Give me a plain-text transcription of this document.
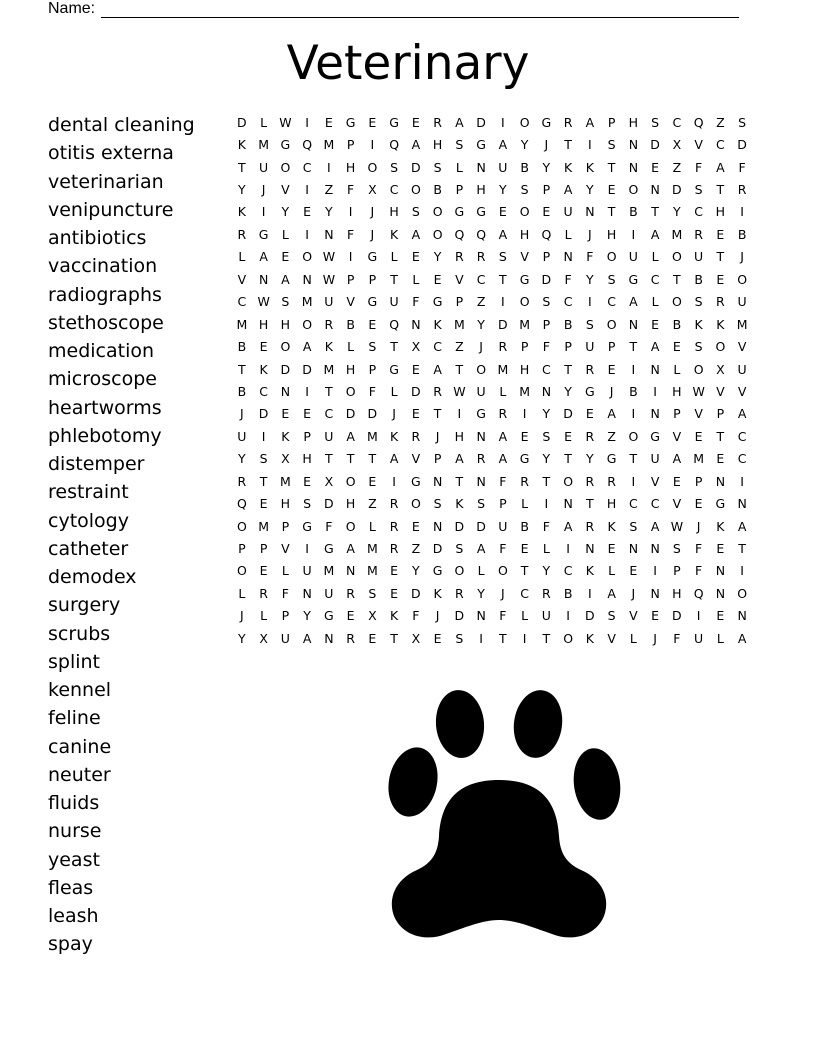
Name:
Veterinary
dental cleaning
otitis externa
veterinarian
venipuncture
antibiotics
vaccination
radiographs
stethoscope
medication
microscope
heartworms
phlebotomy
distemper
restraint
cytology
catheter
demodex
surgery
scrubs
splint
kennel
feline
canine
neuter
fluids
nurse
yeast
fleas
leash
spay
D	L W	I	E	G	E	G	E	R	A	D	I	O G	R	A	P	H	S	C Q	Z	S
K M G Q M	P	I	Q	A	H	S	G	A	Y	J	T	I	S	N D	X	V	C	D
T	U O C	I	H O	S	D	S	L	N	U	B	Y	K	K	T	N	E	Z	F	A	F
Y	J	V	I	Z	F	X	C O	B	P	H	Y	S	P	A	Y	E	O N D	S	T	R
K	I	Y	E	Y	I	J	H	S	O G G	E	O	E	U N	T	B	T	Y	C	H	I
R	G	L	I	N	F	J	K	A	O Q Q	A	H Q	L	J	H	I	A M R	E	B
L	A	E	O W	I	G	L	E	Y	R	R	S	V	P	N	F	O U	L	O U	T	J
V	N	A	N W P	P	T	L	E	V	C	T	G D	F	Y	S	G	C	T	B	E	O
C W S M U	V	G U	F	G	P	Z	I	O	S	C	I	C	A	L	O	S	R	U
M H H O R	B	E	Q N	K M	Y	D M	P	B	S	O N	E	B	K	K M
B	E	O	A	K	L	S	T	X	C	Z	J	R	P	F	P	U	P	T	A	E	S	O	V
T	K	D D M H	P	G	E	A	T	O M H	C	T	R	E	I	N	L	O	X	U
B	C	N	I	T	O	F	L	D	R W U	L	M N	Y	G	J	B	I	H W V	V
J	D	E	E	C	D D	J	E	T	I	G	R	I	Y	D	E	A	I	N	P	V	P	A
U	I	K	P	U	A M K	R	J	H N	A	E	S	E	R	Z	O G	V	E	T	C
Y	S	X	H	T	T	T	A	V	P	A	R	A	G	Y	T	Y	G	T	U	A M E	C
R	T	M E	X	O	E	I	G N	T	N	F	R	T	O R	R	I	V	E	P	N	I
Q	E	H	S	D H	Z	R O	S	K	S	P	L	I	N	T	H	C	C	V	E	G N
O M	P	G	F	O	L	R	E	N D D U	B	F	A	R	K	S	A W	J	K	A
P	P	V	I	G	A M R	Z	D	S	A	F	E	L	I	N	E	N N	S	F	E	T
O	E	L	U M N M E	Y	G O	L	O	T	Y	C	K	L	E	I	P	F	N	I
L	R	F	N	U	R	S	E	D	K	R	Y	J	C	R	B	I	A	J	N H Q N O
J	L	P	Y	G	E	X	K	F	J	D N	F	L	U	I	D	S	V	E	D	I	E	N
Y	X	U	A	N	R	E	T	X	E	S	I	T	I	T	O	K	V	L	J	F	U	L	A
